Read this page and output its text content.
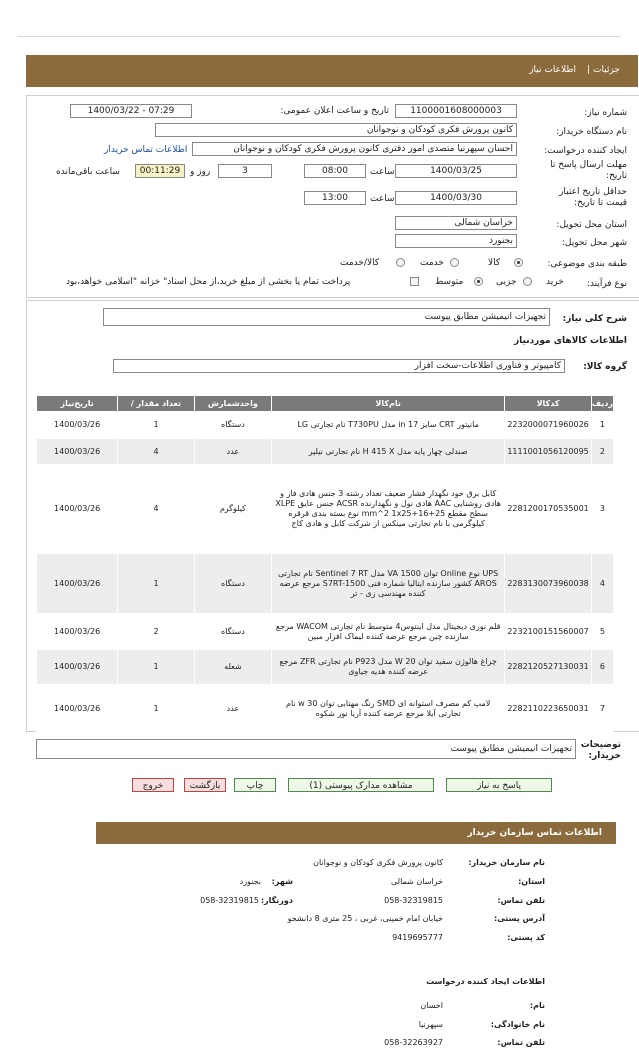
جزئیات
|
اطلاعات نیاز
شماره نیاز:
1100001608000003
تاریخ و ساعت اعلان عمومی:
1400/03/22 - 07:29
نام دستگاه خریدار:
کانون پرورش فکری کودکان و نوجوانان
ایجاد کننده درخواست:
احسان سپهرنیا متصدی امور دفتری کانون پرورش فکری کودکان و نوجوانان
اطلاعات تماس خریدار
مهلت ارسال پاسخ تا تاریخ:
1400/03/25
ساعت
08:00
3
روز و
00:11:29
ساعت باقی‌مانده
حداقل تاریخ اعتبار قیمت تا تاریخ:
1400/03/30
ساعت
13:00
استان محل تحویل:
خراسان شمالی
شهر محل تحویل:
بجنورد
طبقه بندی موضوعی:
کالا
خدمت
کالا/خدمت
نوع فرآیند:
خرید
جزیی
متوسط
پرداخت تمام یا بخشی از مبلغ خرید،از محل اسناد" خزانه "اسلامی خواهد،بود
شرح کلی نیاز:
تجهیزات انیمیشن مطابق پیوست
اطلاعات کالاهای موردنیاز
گروه کالا:
کامپیوتر و فناوری اطلاعات-سخت افزار
ردیف	کدکالا	نام‌کالا	واحدشمارش	تعداد مقدار /	تاریخ‌نیاز
1	2232000071960026	مانیتور CRT سایز 17 in مدل T730PU نام تجارتی LG	دستگاه	1	1400/03/26
2	1111001056120095	صندلی چهار پایه مدل H 415 X نام تجارتی نیلپر	عدد	4	1400/03/26
3	2281200170535001	کابل برق خود نگهدار فشار ضعیف تعداد رشته 3 جنس هادی فاز و هادی روشنایی AAC هادی نول و نگهدارنده ACSR جنس عایق XLPE سطح مقطع mm^2 1x25+16+25 نوع بسته بندی قرقره کیلوگرمی با نام تجارتی مینکس از شرکت کابل و هادی کاج	کیلوگرم	4	1400/03/26
4	2283130073960038	UPS نوع Online توان 1500 VA مدل Sentinel 7 RT نام تجارتی AROS کشور سازنده ایتالیا شماره فنی S7RT-1500 مرجع عرضه کننده مهندسی زی - تر	دستگاه	1	1400/03/26
5	2232100151560007	قلم نوری دیجیتال مدل اینتوس4 متوسط نام تجارتی WACOM مرجع سازنده چین مرجع عرضه کننده لیماک افزار مبین	دستگاه	2	1400/03/26
6	2282120527130031	چراغ هالوژن سفید توان 20 W مدل P923 نام تجارتی ZFR مرجع عرضه کننده هدیه جیاوی	شعله	1	1400/03/26
7	2282110223650031	لامپ کم مصرف استوانه ای SMD رنگ مهتابی توان 30 w نام تجارتی آیلا مرجع عرضه کننده آریا نور شکوه	عدد	1	1400/03/26
توضیحات خریدار:
تجهیزات انیمیشن مطابق پیوست
پاسخ به نیاز
مشاهده مدارک پیوستی (1)
چاپ
بازگشت
خروج
اطلاعات تماس سازمان خریدار
نام سازمان خریدار:
کانون پرورش فکری کودکان و نوجوانان
استان:
خراسان شمالی
شهر:
بجنورد
تلفن تماس:
058-32319815
دورنگار:
058-32319815
آدرس پستی:
خیابان امام خمینی، غربی ، 25 متری 8 دانشجو
کد پستی:
9419695777
اطلاعات ایجاد کننده درخواست
نام:
احسان
نام خانوادگی:
سپهرنیا
تلفن تماس:
058-32263927
